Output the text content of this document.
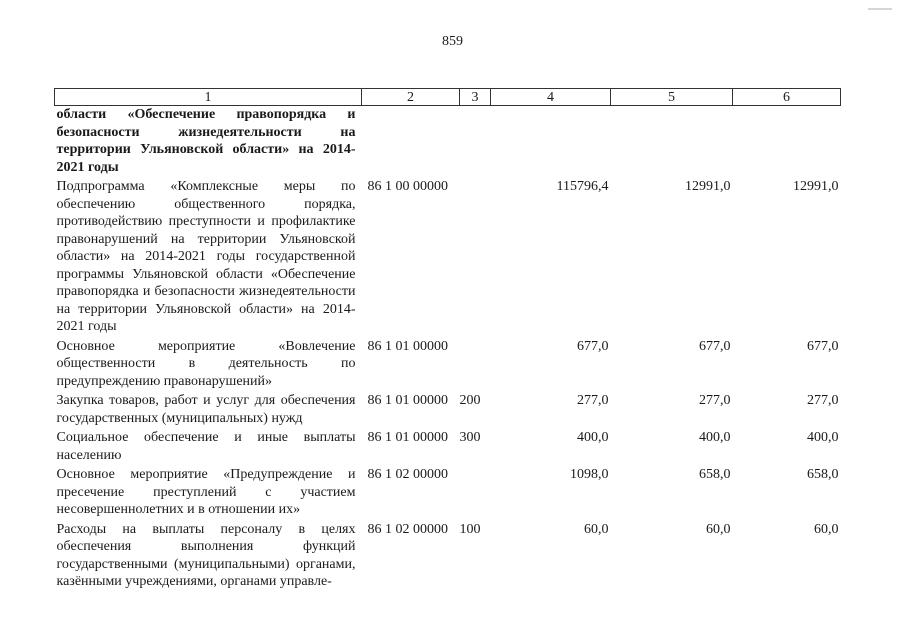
859
1	2	3	4	5	6
области «Обеспечение правопорядка и безопасности жизнедеятельности на территории Ульяновской области» на 2014-2021 годы					
Подпрограмма «Комплексные меры по обеспечению общественного порядка, противодействию преступности и профилактике правонарушений на территории Ульяновской области» на 2014-2021 годы государственной программы Ульяновской области «Обеспечение правопорядка и безопасности жизнедеятельности на территории Ульяновской области» на 2014-2021 годы	86 1 00 00000		115796,4	12991,0	12991,0
Основное мероприятие «Вовлечение общественности в деятельность по предупреждению правонарушений»	86 1 01 00000		677,0	677,0	677,0
Закупка товаров, работ и услуг для обеспечения государственных (муниципальных) нужд	86 1 01 00000	200	277,0	277,0	277,0
Социальное обеспечение и иные выплаты населению	86 1 01 00000	300	400,0	400,0	400,0
Основное мероприятие «Предупреждение и пресечение преступлений с участием несовершеннолетних и в отношении их»	86 1 02 00000		1098,0	658,0	658,0
Расходы на выплаты персоналу в целях обеспечения выполнения функций государственными (муниципальными) органами, казёнными учреждениями, органами управле-	86 1 02 00000	100	60,0	60,0	60,0
